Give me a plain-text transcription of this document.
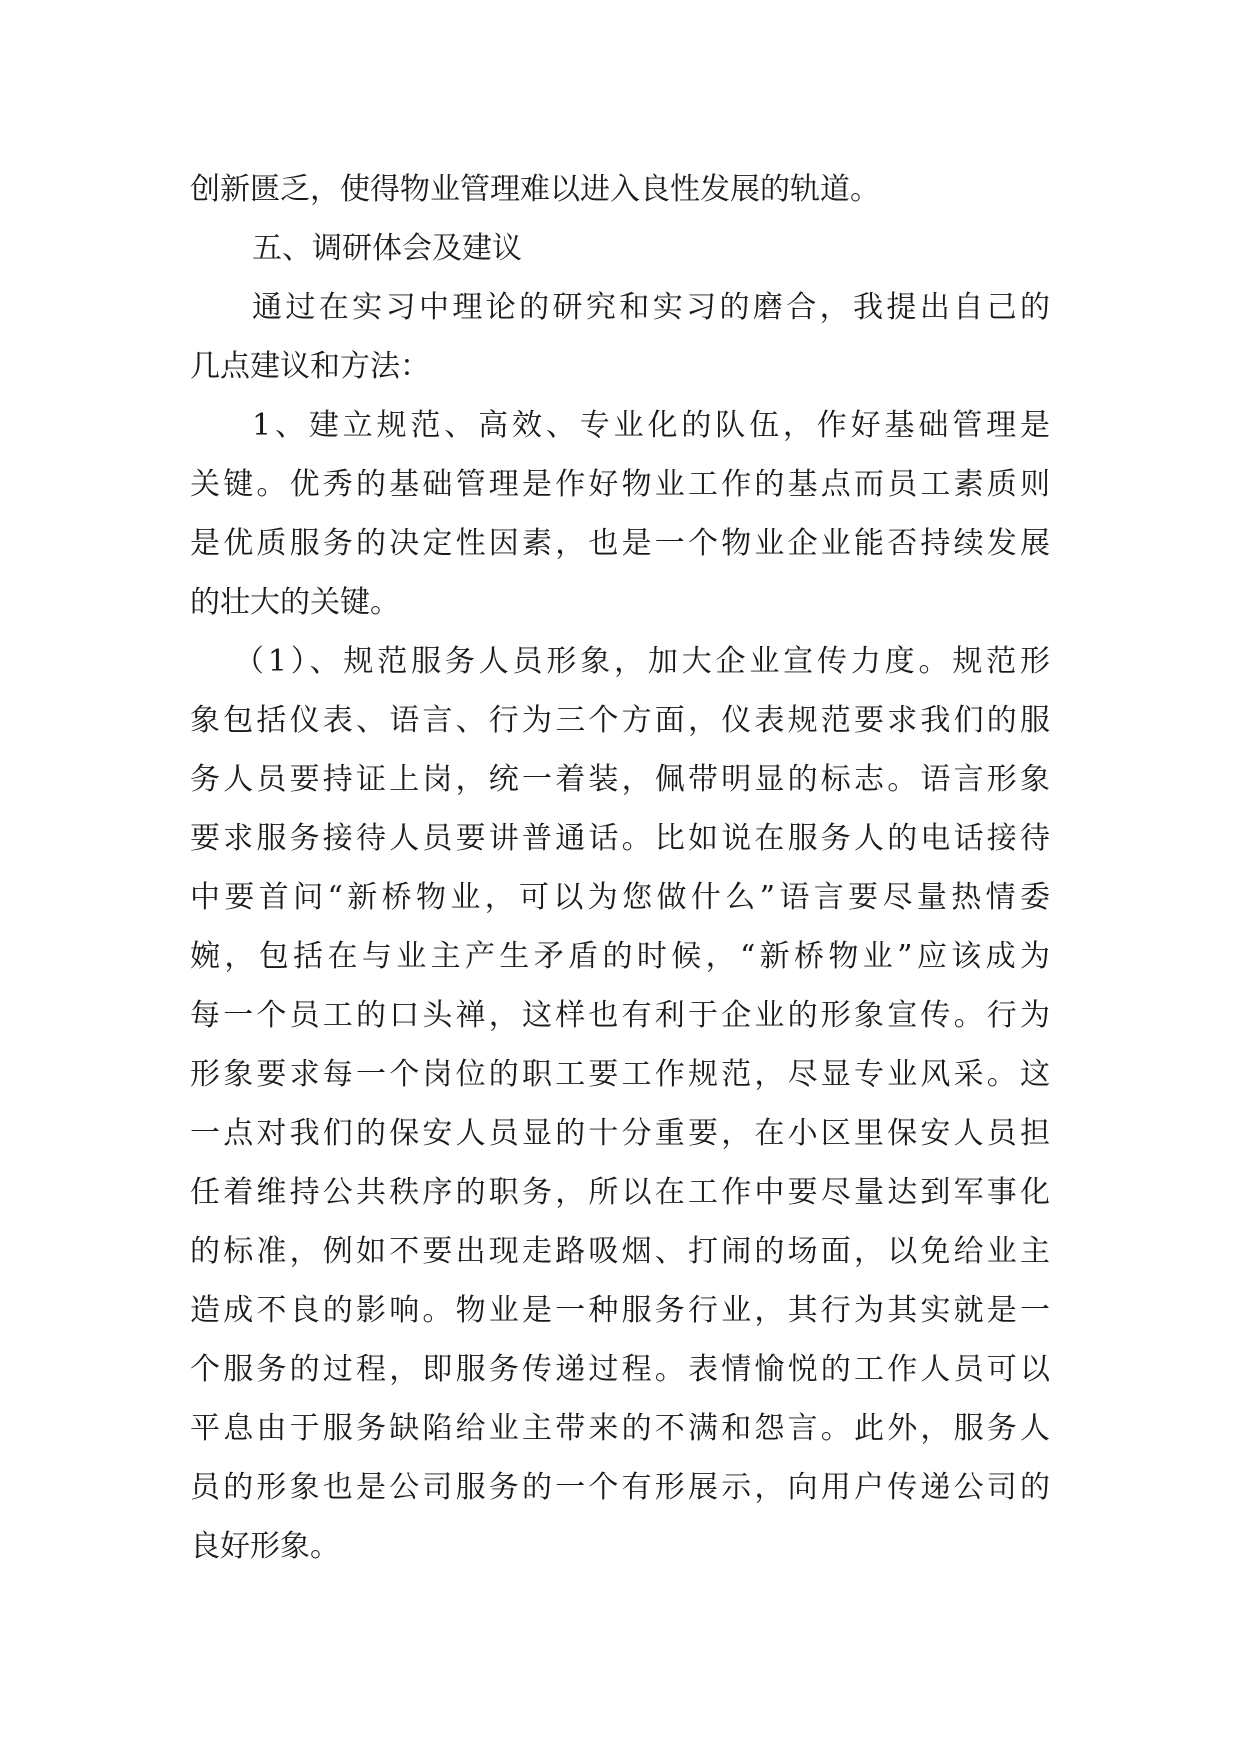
创新匮乏，使得物业管理难以进入良性发展的轨道。
五、调研体会及建议
通过在实习中理论的研究和实习的磨合，我提出自己的
几点建议和方法：
1、建立规范、高效、专业化的队伍，作好基础管理是
关键。优秀的基础管理是作好物业工作的基点而员工素质则
是优质服务的决定性因素，也是一个物业企业能否持续发展
的壮大的关键。
（1）、规范服务人员形象，加大企业宣传力度。规范形
象包括仪表、语言、行为三个方面，仪表规范要求我们的服
务人员要持证上岗，统一着装，佩带明显的标志。语言形象
要求服务接待人员要讲普通话。比如说在服务人的电话接待
中要首问“新桥物业，可以为您做什么”语言要尽量热情委
婉，包括在与业主产生矛盾的时候，“新桥物业”应该成为
每一个员工的口头禅，这样也有利于企业的形象宣传。行为
形象要求每一个岗位的职工要工作规范，尽显专业风采。这
一点对我们的保安人员显的十分重要，在小区里保安人员担
任着维持公共秩序的职务，所以在工作中要尽量达到军事化
的标准，例如不要出现走路吸烟、打闹的场面，以免给业主
造成不良的影响。物业是一种服务行业，其行为其实就是一
个服务的过程，即服务传递过程。表情愉悦的工作人员可以
平息由于服务缺陷给业主带来的不满和怨言。此外，服务人
员的形象也是公司服务的一个有形展示，向用户传递公司的
良好形象。
